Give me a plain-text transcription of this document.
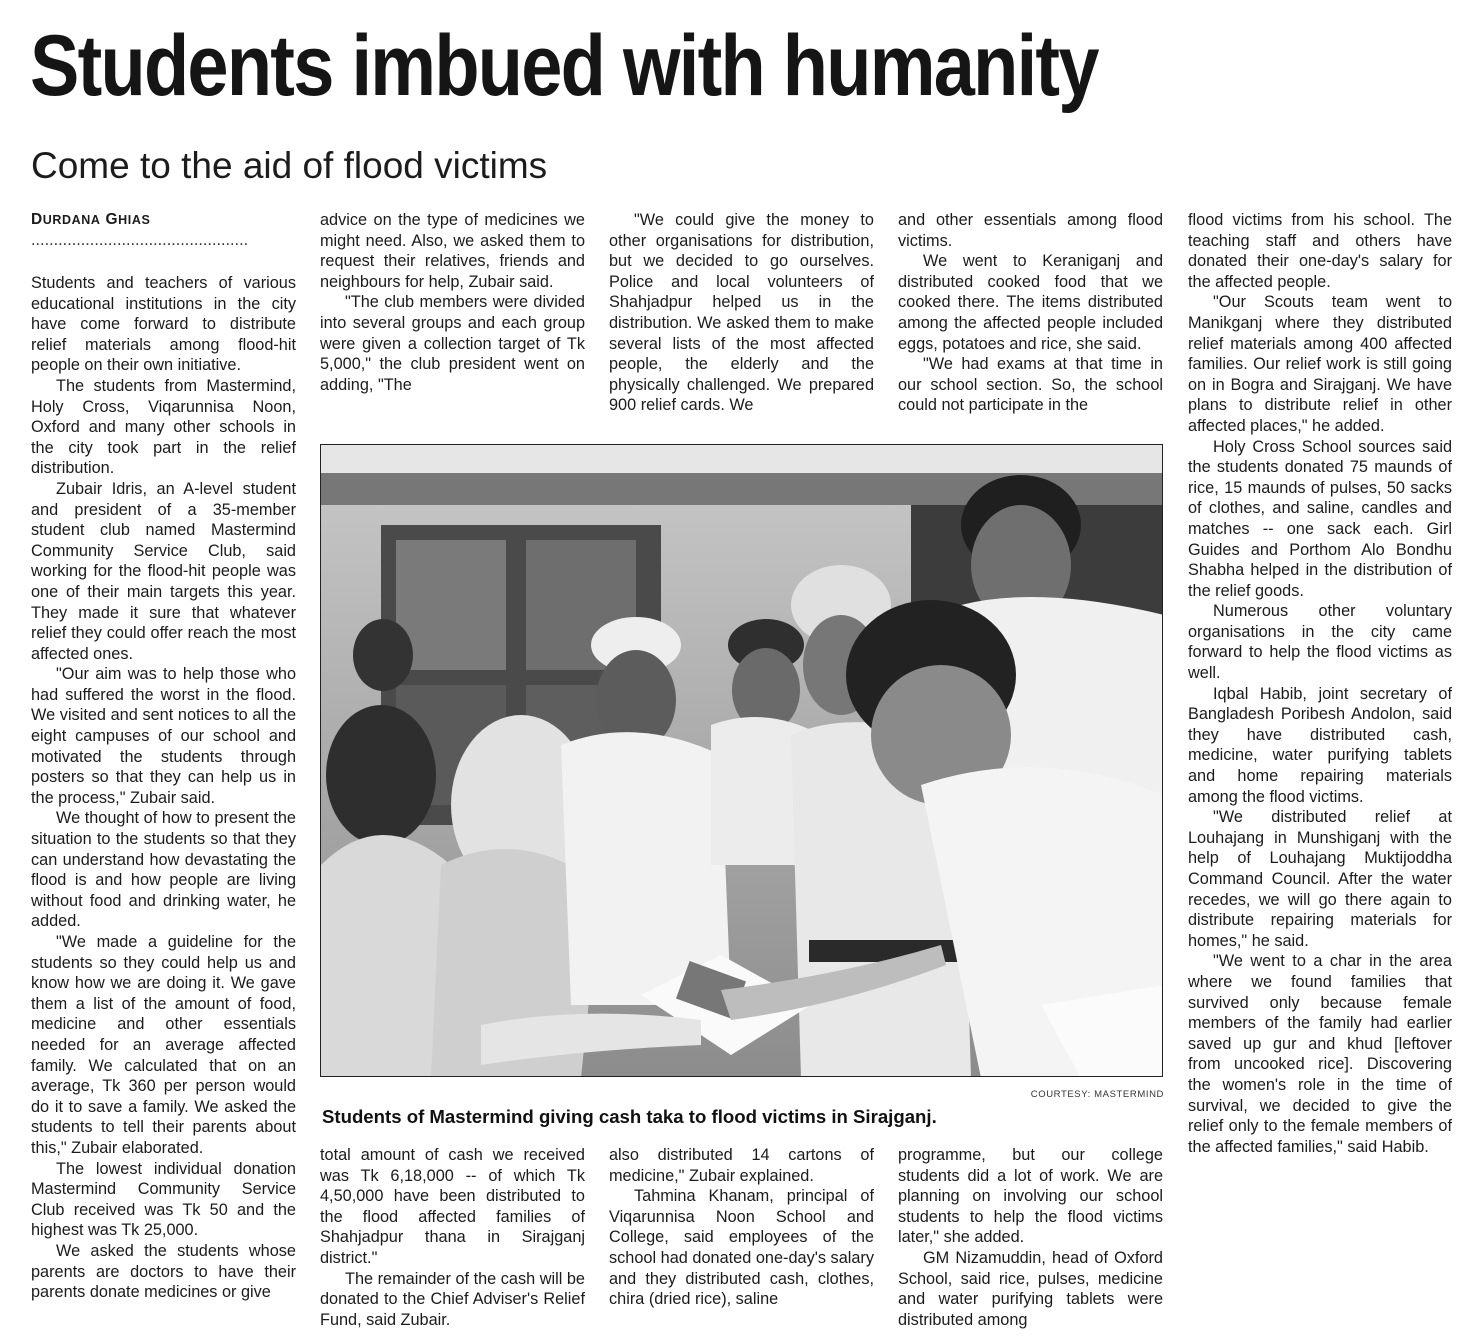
Students imbued with humanity
Come to the aid of flood victims
DURDANA GHIAS
................................................

Students and teachers of various educational institutions in the city have come forward to distribute relief materials among flood-hit people on their own initiative.

The students from Mastermind, Holy Cross, Viqarunnisa Noon, Oxford and many other schools in the city took part in the relief distribution.

Zubair Idris, an A-level student and president of a 35-member student club named Mastermind Community Service Club, said working for the flood-hit people was one of their main targets this year. They made it sure that whatever relief they could offer reach the most affected ones.

"Our aim was to help those who had suffered the worst in the flood. We visited and sent notices to all the eight campuses of our school and motivated the students through posters so that they can help us in the process," Zubair said.

We thought of how to present the situation to the students so that they can understand how devastating the flood is and how people are living without food and drinking water, he added.

"We made a guideline for the students so they could help us and know how we are doing it. We gave them a list of the amount of food, medicine and other essentials needed for an average affected family. We calculated that on an average, Tk 360 per person would do it to save a family. We asked the students to tell their parents about this," Zubair elaborated.

The lowest individual donation Mastermind Community Service Club received was Tk 50 and the highest was Tk 25,000.

We asked the students whose parents are doctors to have their parents donate medicines or give

advice on the type of medicines we might need. Also, we asked them to request their relatives, friends and neighbours for help, Zubair said.

"The club members were divided into several groups and each group were given a collection target of Tk 5,000," the club president went on adding, "The

"We could give the money to other organisations for distribution, but we decided to go ourselves. Police and local volunteers of Shahjadpur helped us in the distribution. We asked them to make several lists of the most affected people, the elderly and the physically challenged. We prepared 900 relief cards. We

and other essentials among flood victims.

We went to Keraniganj and distributed cooked food that we cooked there. The items distributed among the affected people included eggs, potatoes and rice, she said.

"We had exams at that time in our school section. So, the school could not participate in the

flood victims from his school. The teaching staff and others have donated their one-day's salary for the affected people.

"Our Scouts team went to Manikganj where they distributed relief materials among 400 affected families. Our relief work is still going on in Bogra and Sirajganj. We have plans to distribute relief in other affected places," he added.

Holy Cross School sources said the students donated 75 maunds of rice, 15 maunds of pulses, 50 sacks of clothes, and saline, candles and matches -- one sack each. Girl Guides and Porthom Alo Bondhu Shabha helped in the distribution of the relief goods.

Numerous other voluntary organisations in the city came forward to help the flood victims as well.

Iqbal Habib, joint secretary of Bangladesh Poribesh Andolon, said they have distributed cash, medicine, water purifying tablets and home repairing materials among the flood victims.

"We distributed relief at Louhajang in Munshiganj with the help of Louhajang Muktijoddha Command Council. After the water recedes, we will go there again to distribute repairing materials for homes," he said.

"We went to a char in the area where we found families that survived only because female members of the family had earlier saved up gur and khud [leftover from uncooked rice]. Discovering the women's role in the time of survival, we decided to give the relief only to the female members of the affected families," said Habib.

COURTESY: MASTERMIND

Students of Mastermind giving cash taka to flood victims in Sirajganj.

total amount of cash we received was Tk 6,18,000 -- of which Tk 4,50,000 have been distributed to the flood affected families of Shahjadpur thana in Sirajganj district."

The remainder of the cash will be donated to the Chief Adviser's Relief Fund, said Zubair.

also distributed 14 cartons of medicine," Zubair explained.

Tahmina Khanam, principal of Viqarunnisa Noon School and College, said employees of the school had donated one-day's salary and they distributed cash, clothes, chira (dried rice), saline

programme, but our college students did a lot of work. We are planning on involving our school students to help the flood victims later," she added.

GM Nizamuddin, head of Oxford School, said rice, pulses, medicine and water purifying tablets were distributed among
